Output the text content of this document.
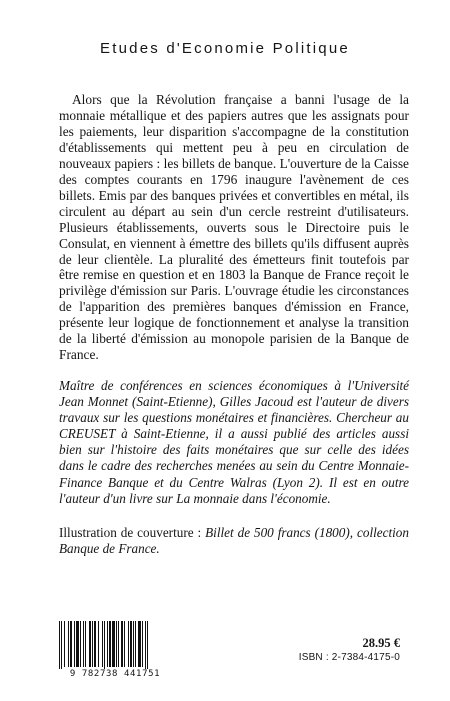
Etudes d'Economie Politique

Alors que la Révolution française a banni l'usage de la monnaie métallique et des papiers autres que les assignats pour les paiements, leur disparition s'accompagne de la constitution d'établissements qui mettent peu à peu en circulation de nouveaux papiers : les billets de banque. L'ouverture de la Caisse des comptes courants en 1796 inaugure l'avènement de ces billets. Emis par des banques privées et convertibles en métal, ils circulent au départ au sein d'un cercle restreint d'utilisateurs. Plusieurs établissements, ouverts sous le Directoire puis le Consulat, en viennent à émettre des billets qu'ils diffusent auprès de leur clientèle. La pluralité des émetteurs finit toutefois par être remise en question et en 1803 la Banque de France reçoit le privilège d'émission sur Paris. L'ouvrage étudie les circonstances de l'apparition des premières banques d'émission en France, présente leur logique de fonctionnement et analyse la transition de la liberté d'émission au monopole parisien de la Banque de France.

Maître de conférences en sciences économiques à l'Université Jean Monnet (Saint-Etienne), Gilles Jacoud est l'auteur de divers travaux sur les questions monétaires et financières. Chercheur au CREUSET à Saint-Etienne, il a aussi publié des articles aussi bien sur l'histoire des faits monétaires que sur celle des idées dans le cadre des recherches menées au sein du Centre Monnaie-Finance Banque et du Centre Walras (Lyon 2). Il est en outre l'auteur d'un livre sur La monnaie dans l'économie.

Illustration de couverture : Billet de 500 francs (1800), collection Banque de France.

9 782738 441751
28.95 €
ISBN : 2-7384-4175-0
